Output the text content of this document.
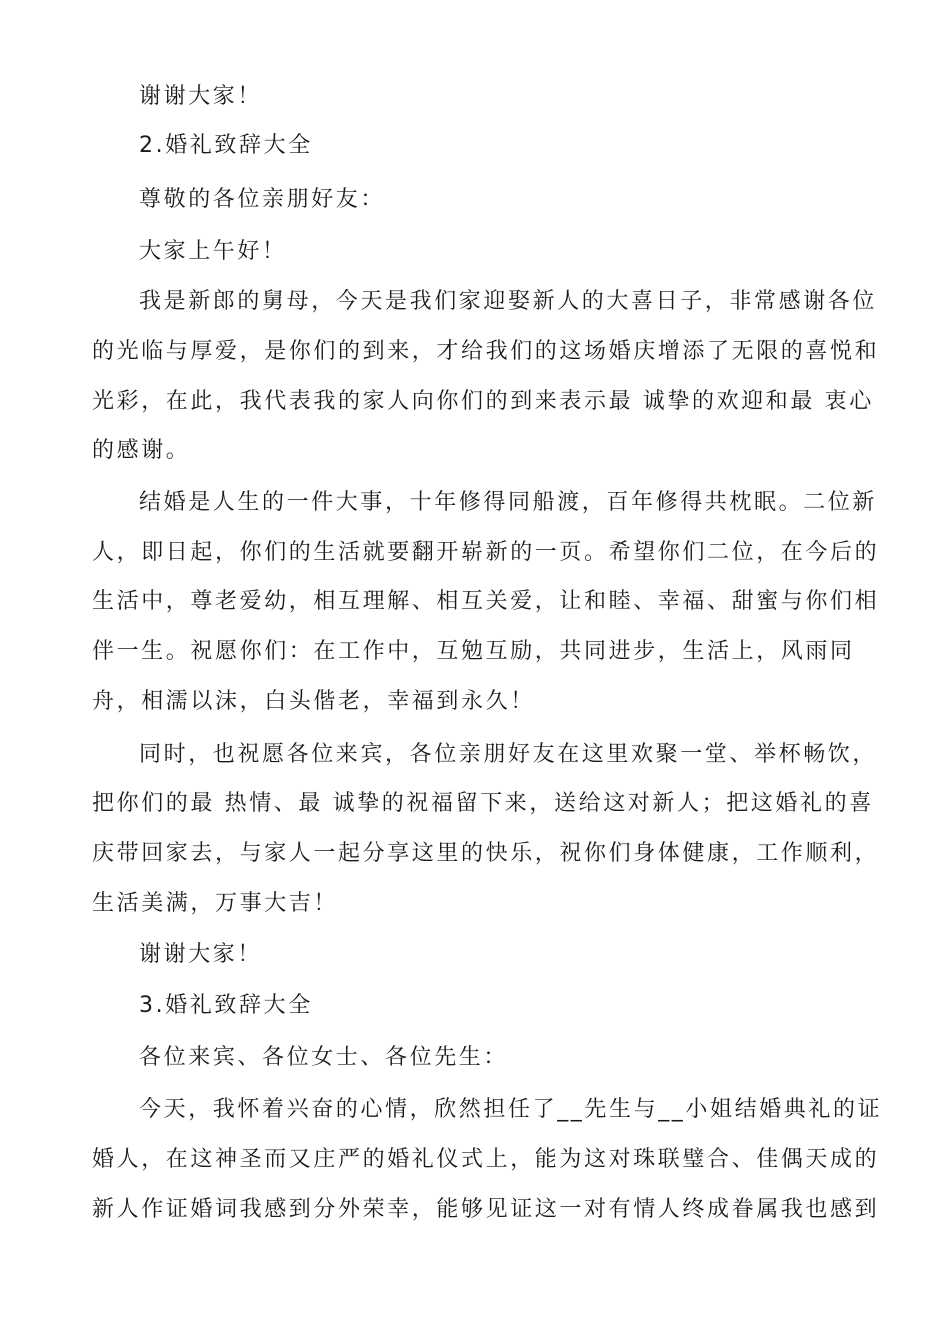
谢谢大家！
2.婚礼致辞大全
尊敬的各位亲朋好友：
大家上午好！
我是新郎的舅母，今天是我们家迎娶新人的大喜日子，非常感谢各位
的光临与厚爱，是你们的到来，才给我们的这场婚庆增添了无限的喜悦和
光彩，在此，我代表我的家人向你们的到来表示最 诚挚的欢迎和最 衷心
的感谢。
结婚是人生的一件大事，十年修得同船渡，百年修得共枕眠。二位新
人，即日起，你们的生活就要翻开崭新的一页。希望你们二位，在今后的
生活中，尊老爱幼，相互理解、相互关爱，让和睦、幸福、甜蜜与你们相
伴一生。祝愿你们：在工作中，互勉互励，共同进步，生活上，风雨同
舟，相濡以沫，白头偕老，幸福到永久！
同时，也祝愿各位来宾，各位亲朋好友在这里欢聚一堂、举杯畅饮，
把你们的最 热情、最 诚挚的祝福留下来，送给这对新人；把这婚礼的喜
庆带回家去，与家人一起分享这里的快乐，祝你们身体健康，工作顺利，
生活美满，万事大吉！
谢谢大家！
3.婚礼致辞大全
各位来宾、各位女士、各位先生：
今天，我怀着兴奋的心情，欣然担任了__先生与__小姐结婚典礼的证
婚人，在这神圣而又庄严的婚礼仪式上，能为这对珠联璧合、佳偶天成的
新人作证婚词我感到分外荣幸，能够见证这一对有情人终成眷属我也感到
